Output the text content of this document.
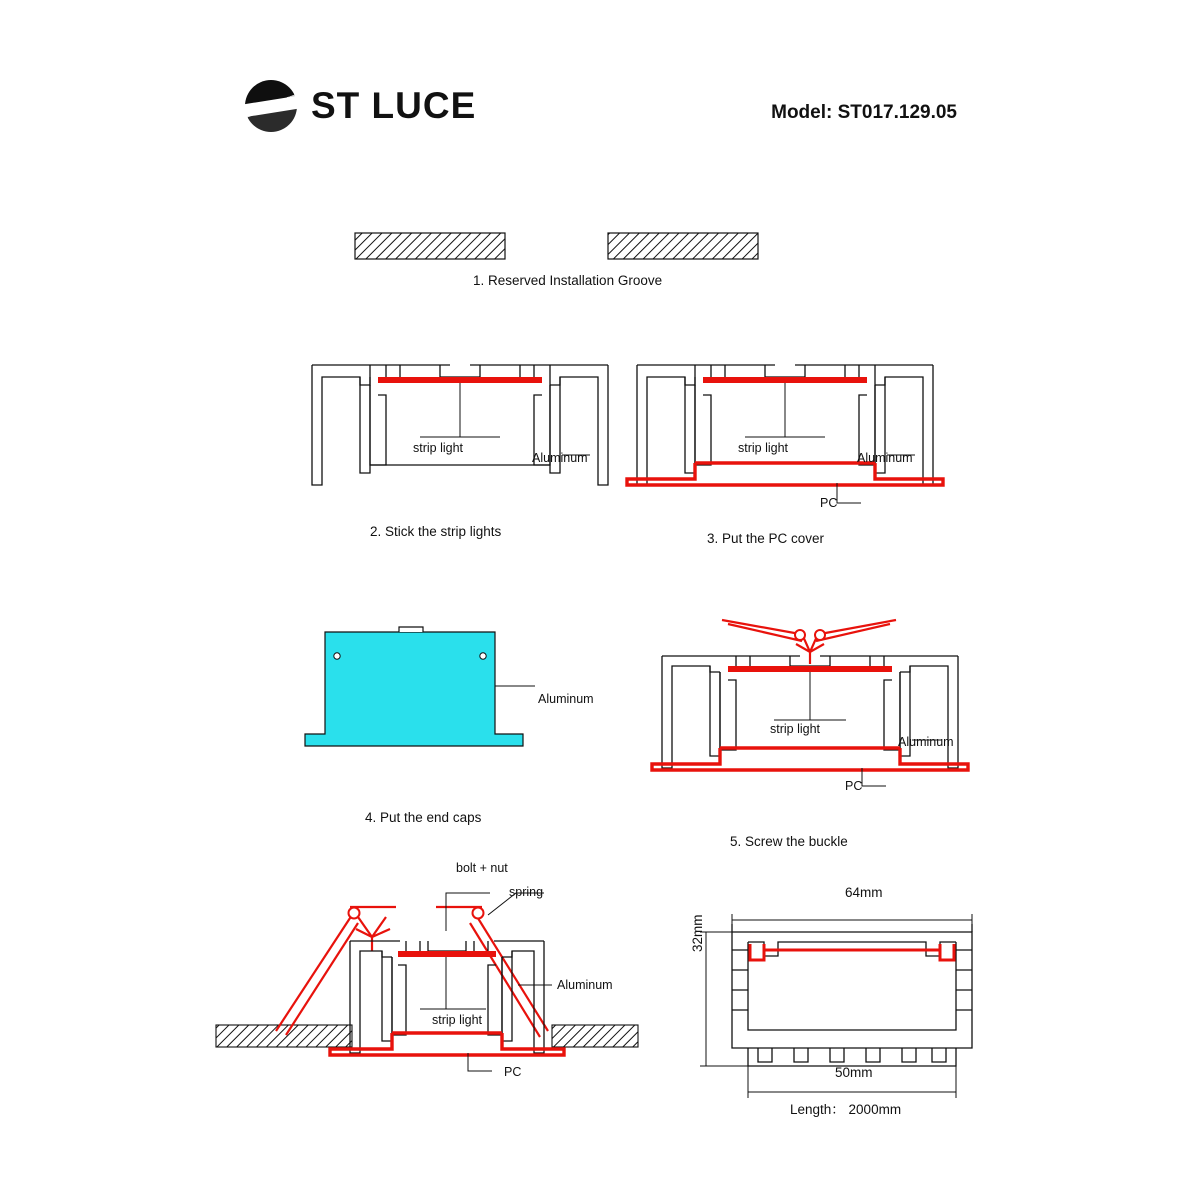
ST LUCE	Model: ST017.129.05
1. Reserved Installation Groove
strip light
Aluminum
2. Stick the strip lights
strip light
Aluminum
PC
3. Put the PC cover
Aluminum
4. Put the end caps
strip light
Aluminum
PC
5. Screw the buckle
bolt + nut
spring
strip light
Aluminum
PC
64mm
32mm
50mm
Length： 2000mm
